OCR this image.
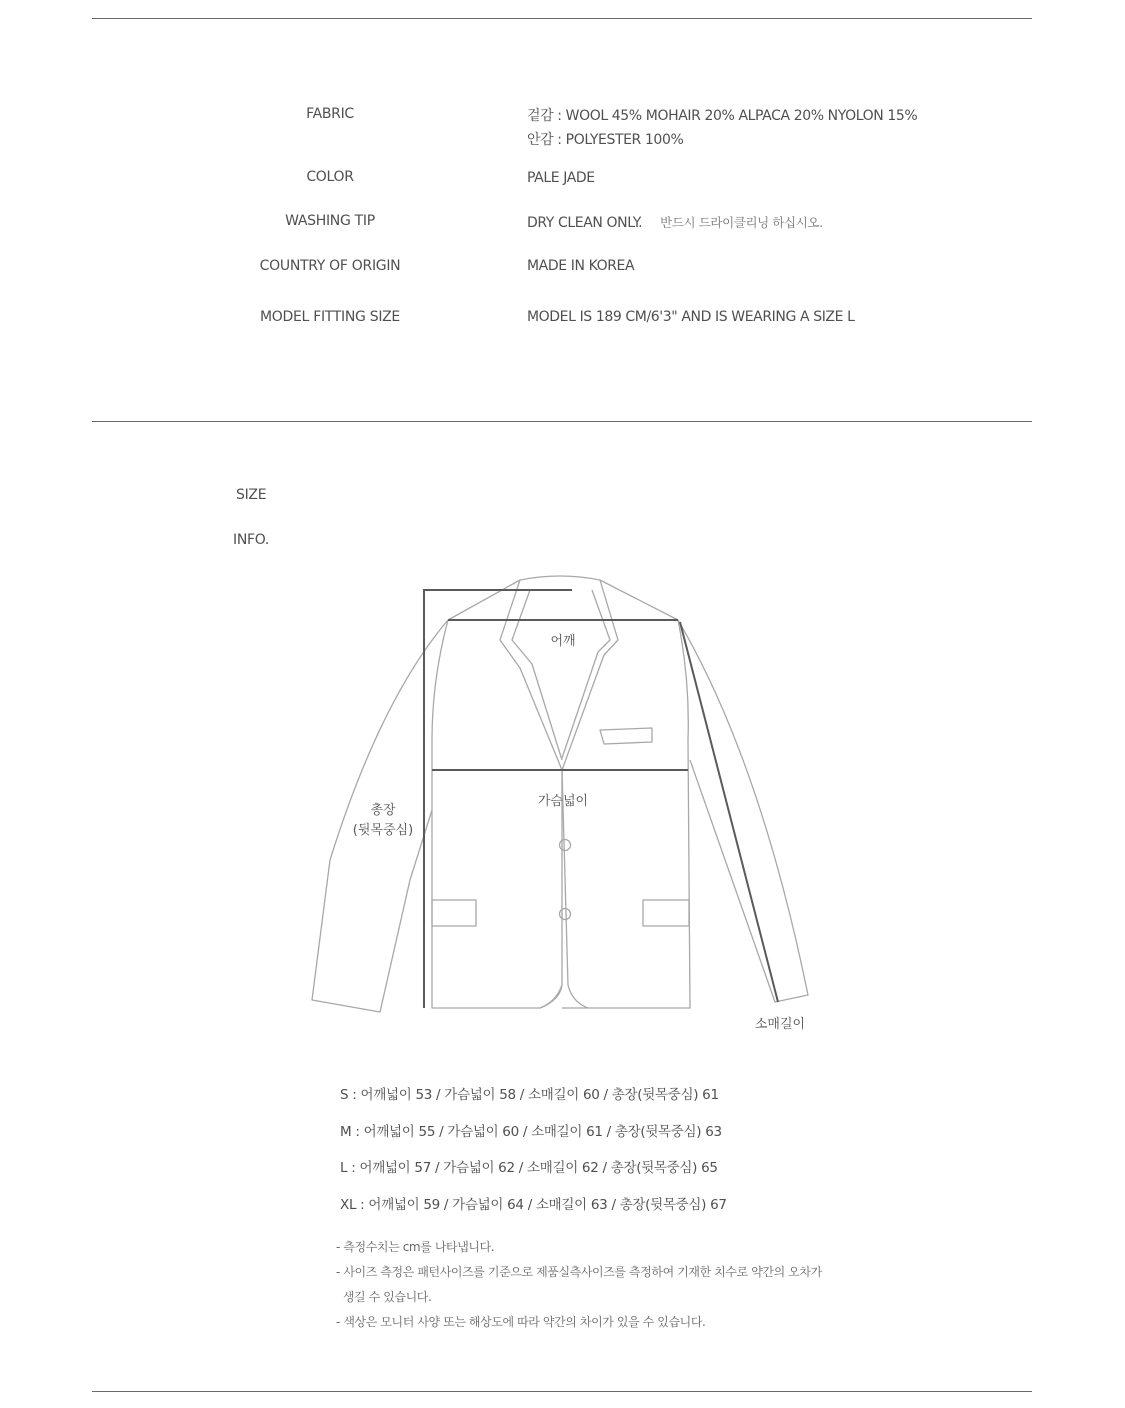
FABRIC	겉감 : WOOL 45% MOHAIR 20% ALPACA 20% NYOLON 15%
안감 : POLYESTER 100%
COLOR	PALE JADE
WASHING TIP	DRY CLEAN ONLY. 반드시 드라이클리닝 하십시오.
COUNTRY OF ORIGIN	MADE IN KOREA
MODEL FITTING SIZE	MODEL IS 189 CM/6'3" AND IS WEARING A SIZE L
SIZE
INFO.
어깨
가슴넓이
총장
(뒷목중심)
소매길이
S : 어깨넓이 53 / 가슴넓이 58 / 소매길이 60 / 총장(뒷목중심) 61
M : 어깨넓이 55 / 가슴넓이 60 / 소매길이 61 / 총장(뒷목중심) 63
L : 어깨넓이 57 / 가슴넓이 62 / 소매길이 62 / 총장(뒷목중심) 65
XL : 어깨넓이 59 / 가슴넓이 64 / 소매길이 63 / 총장(뒷목중심) 67
- 측정수치는 cm를 나타냅니다.
- 사이즈 측정은 패턴사이즈를 기준으로 제품실측사이즈를 측정하여 기재한 치수로 약간의 오차가
생길 수 있습니다.
- 색상은 모니터 사양 또는 해상도에 따라 약간의 차이가 있을 수 있습니다.
